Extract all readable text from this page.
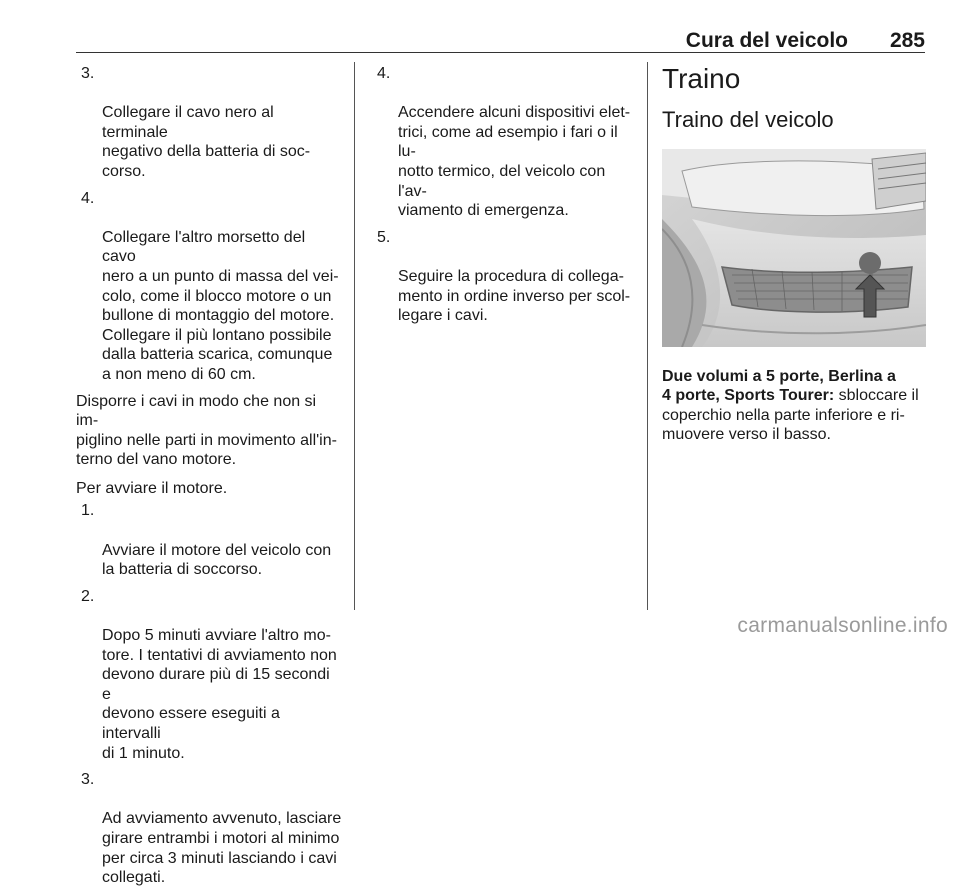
Cura del veicolo 285

3.

Collegare il cavo nero al terminale
negativo della batteria di soc-
corso.

4.

Collegare l'altro morsetto del cavo
nero a un punto di massa del vei-
colo, come il blocco motore o un
bullone di montaggio del motore.
Collegare il più lontano possibile
dalla batteria scarica, comunque
a non meno di 60 cm.

Disporre i cavi in modo che non si im-
piglino nelle parti in movimento all'in-
terno del vano motore.
Per avviare il motore.

1.

Avviare il motore del veicolo con
la batteria di soccorso.

2.

Dopo 5 minuti avviare l'altro mo-
tore. I tentativi di avviamento non
devono durare più di 15 secondi e
devono essere eseguiti a intervalli
di 1 minuto.

3.

Ad avviamento avvenuto, lasciare
girare entrambi i motori al minimo
per circa 3 minuti lasciando i cavi
collegati.

4.

Accendere alcuni dispositivi elet-
trici, come ad esempio i fari o il lu-
notto termico, del veicolo con l'av-
viamento di emergenza.

5.

Seguire la procedura di collega-
mento in ordine inverso per scol-
legare i cavi.

Traino
Traino del veicolo
Due volumi a 5 porte, Berlina a
4 porte, Sports Tourer: sbloccare il
coperchio nella parte inferiore e ri-
muovere verso il basso.
carmanualsonline.info
